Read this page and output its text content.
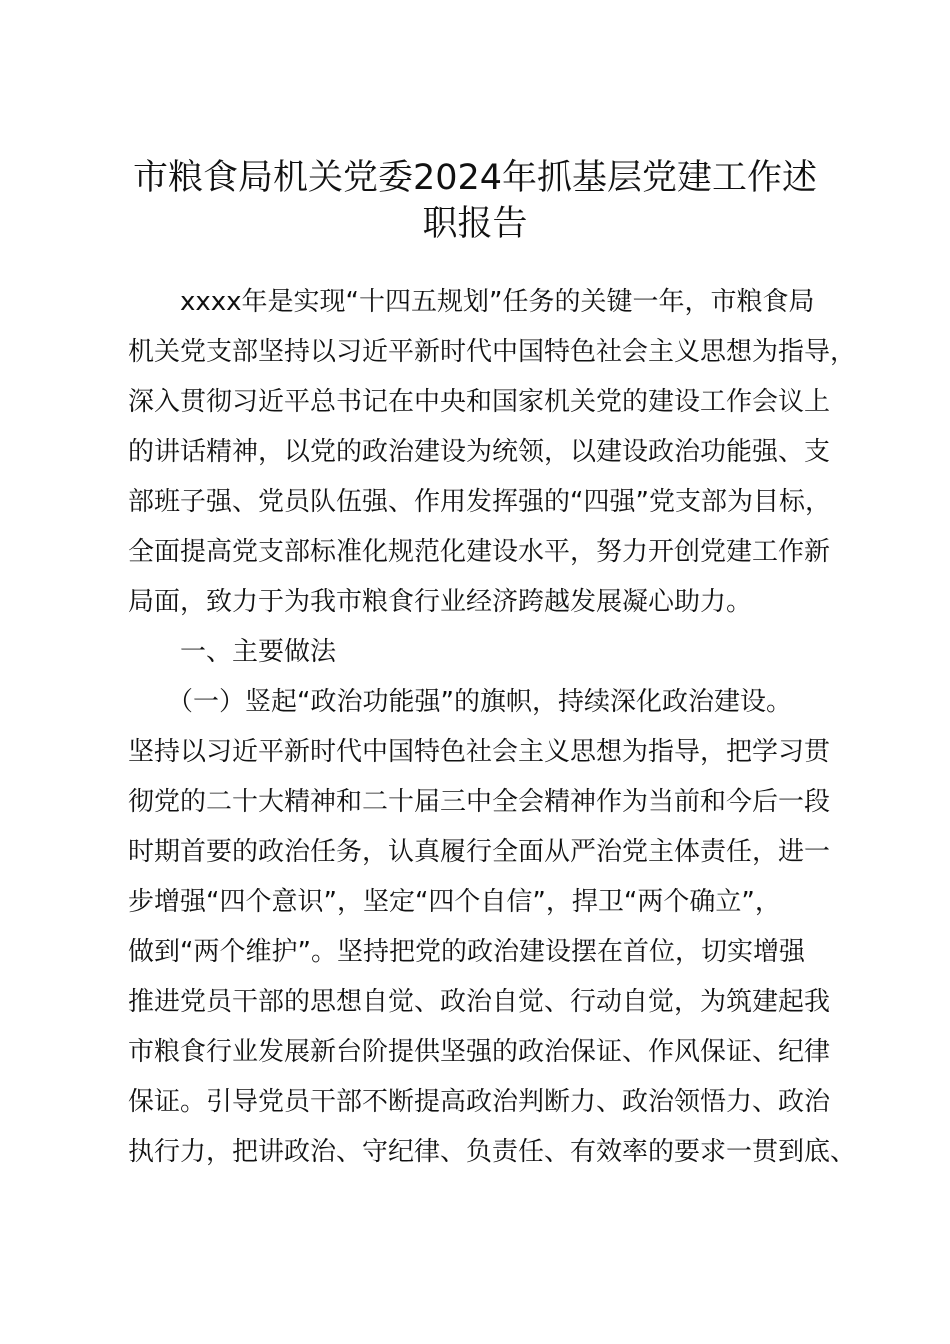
市粮食局机关党委2024年抓基层党建工作述
职报告
　　xxxx年是实现“十四五规划”任务的关键一年，市粮食局
机关党支部坚持以习近平新时代中国特色社会主义思想为指导，
深入贯彻习近平总书记在中央和国家机关党的建设工作会议上
的讲话精神，以党的政治建设为统领，以建设政治功能强、支
部班子强、党员队伍强、作用发挥强的“四强”党支部为目标，
全面提高党支部标准化规范化建设水平，努力开创党建工作新
局面，致力于为我市粮食行业经济跨越发展凝心助力。
　　一、主要做法
　　（一）竖起“政治功能强”的旗帜，持续深化政治建设。
坚持以习近平新时代中国特色社会主义思想为指导，把学习贯
彻党的二十大精神和二十届三中全会精神作为当前和今后一段
时期首要的政治任务，认真履行全面从严治党主体责任，进一
步增强“四个意识”，坚定“四个自信”，捍卫“两个确立”，
做到“两个维护”。坚持把党的政治建设摆在首位，切实增强
推进党员干部的思想自觉、政治自觉、行动自觉，为筑建起我
市粮食行业发展新台阶提供坚强的政治保证、作风保证、纪律
保证。引导党员干部不断提高政治判断力、政治领悟力、政治
执行力，把讲政治、守纪律、负责任、有效率的要求一贯到底、
